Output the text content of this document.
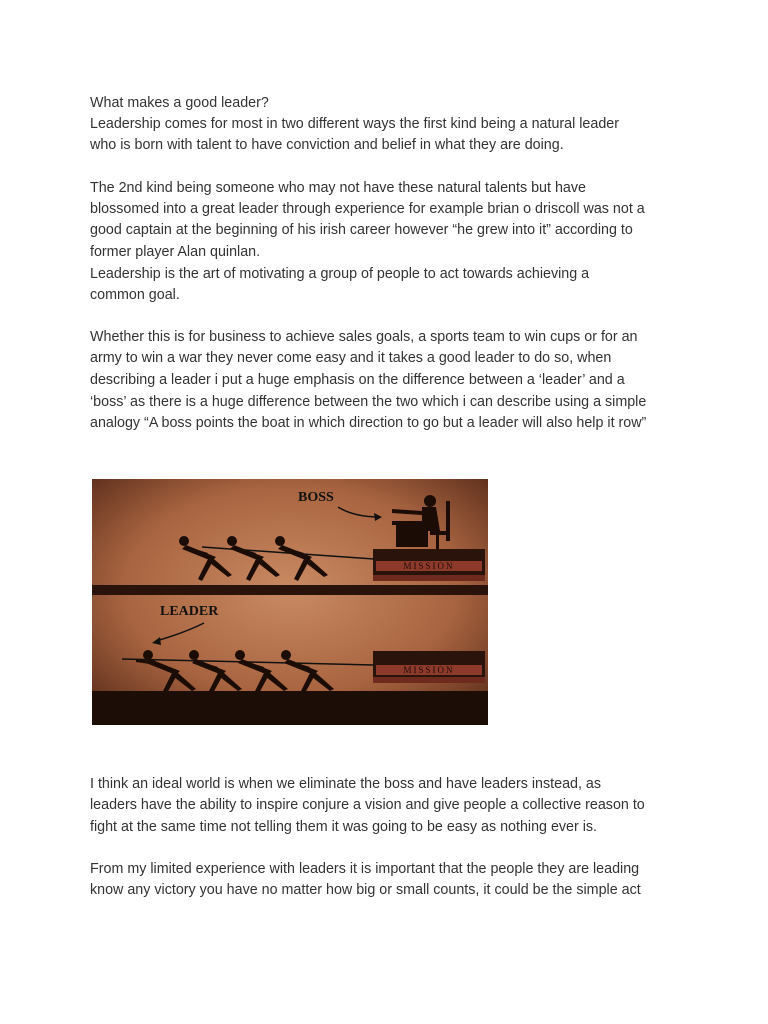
What makes a good leader?
Leadership comes for most in two different ways the first kind being a natural leader
who is born with talent to have conviction and belief in what they are doing.
The 2nd kind being someone who may not have these natural talents but have
blossomed into a great leader through experience for example brian o driscoll was not a
good captain at the beginning of his irish career however “he grew into it” according to
former player Alan quinlan.
Leadership is the art of motivating a group of people to act towards achieving a
common goal.
Whether this is for business to achieve sales goals, a sports team to win cups or for an
army to win a war they never come easy and it takes a good leader to do so, when
describing a leader i put a huge emphasis on the difference between a ‘leader’ and a
‘boss’ as there is a huge difference between the two which i can describe using a simple
analogy “A boss points the boat in which direction to go but a leader will also help it row”
BOSS
MISSION
LEADER
MISSION
I think an ideal world is when we eliminate the boss and have leaders instead, as
leaders have the ability to inspire conjure a vision and give people a collective reason to
fight at the same time not telling them it was going to be easy as nothing ever is.
From my limited experience with leaders it is important that the people they are leading
know any victory you have no matter how big or small counts, it could be the simple act
